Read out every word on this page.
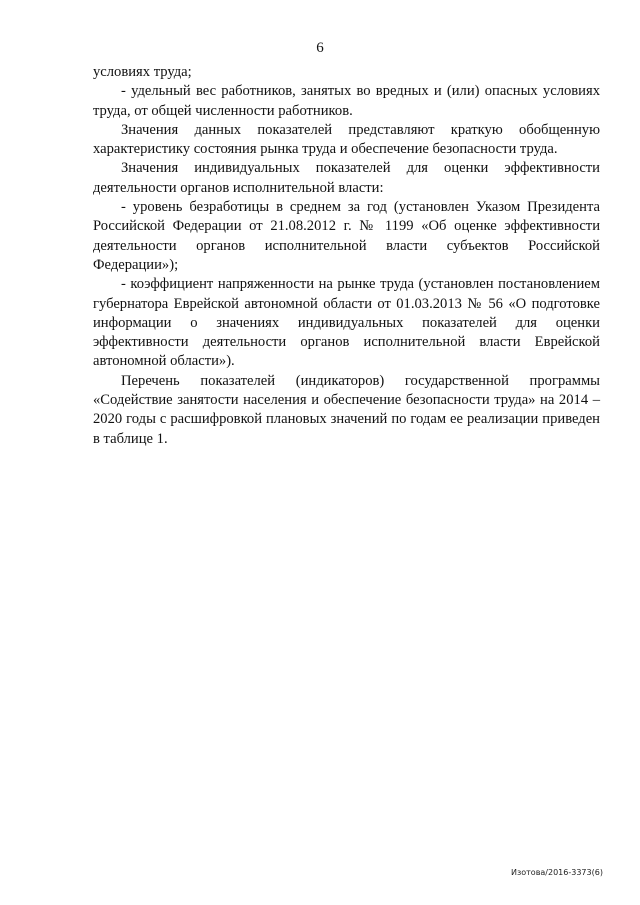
6

условиях труда;

- удельный вес работников, занятых во вредных и (или) опасных условиях труда, от общей численности работников.

Значения данных показателей представляют краткую обобщенную характеристику состояния рынка труда и обеспечение безопасности труда.

Значения индивидуальных показателей для оценки эффективности деятельности органов исполнительной власти:

- уровень безработицы в среднем за год (установлен Указом Президента Российской Федерации от 21.08.2012 г. № 1199 «Об оценке эффективности деятельности органов исполнительной власти субъектов Российской Федерации»);

- коэффициент напряженности на рынке труда (установлен постановлением губернатора Еврейской автономной области от 01.03.2013 № 56 «О подготовке информации о значениях индивидуальных показателей для оценки эффективности деятельности органов исполнительной власти Еврейской автономной области»).

Перечень показателей (индикаторов) государственной программы «Содействие занятости населения и обеспечение безопасности труда» на 2014 – 2020 годы с расшифровкой плановых значений по годам ее реализации приведен в таблице 1.

Изотова/2016-3373(6)
